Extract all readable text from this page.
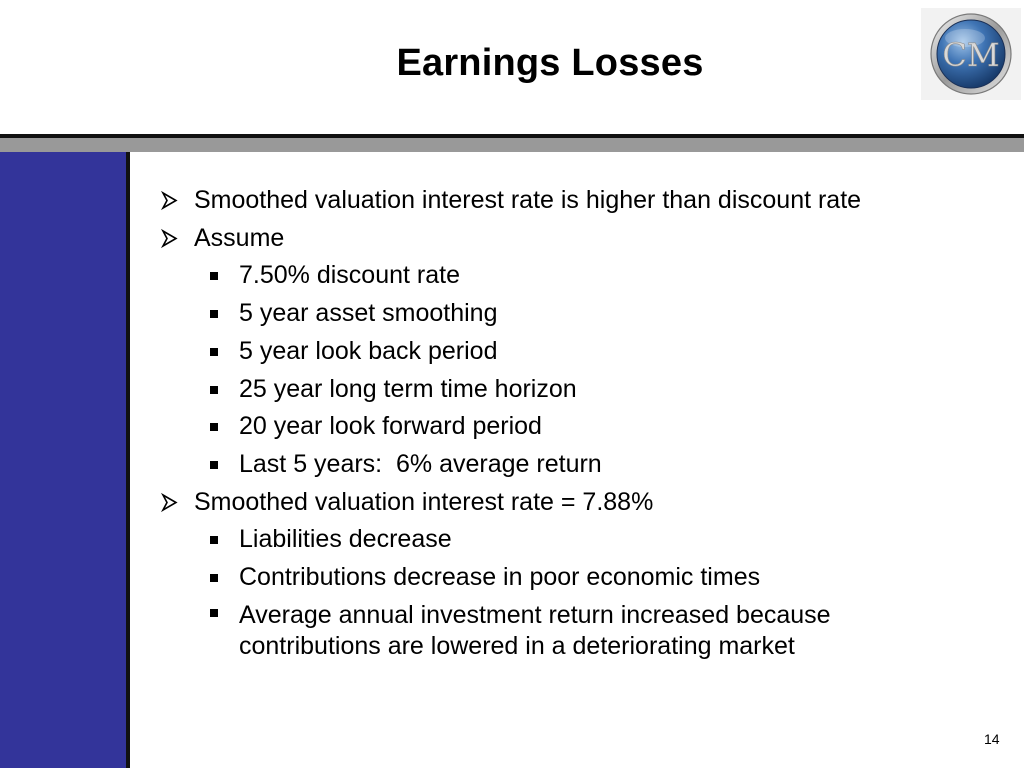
Earnings Losses	CM
Smoothed valuation interest rate is higher than discount rate
Assume
7.50% discount rate
5 year asset smoothing
5 year look back period
25 year long term time horizon
20 year look forward period
Last 5 years:  6% average return
Smoothed valuation interest rate = 7.88%
Liabilities decrease
Contributions decrease in poor economic times
Average annual investment return increased because contributions are lowered in a deteriorating market
14
